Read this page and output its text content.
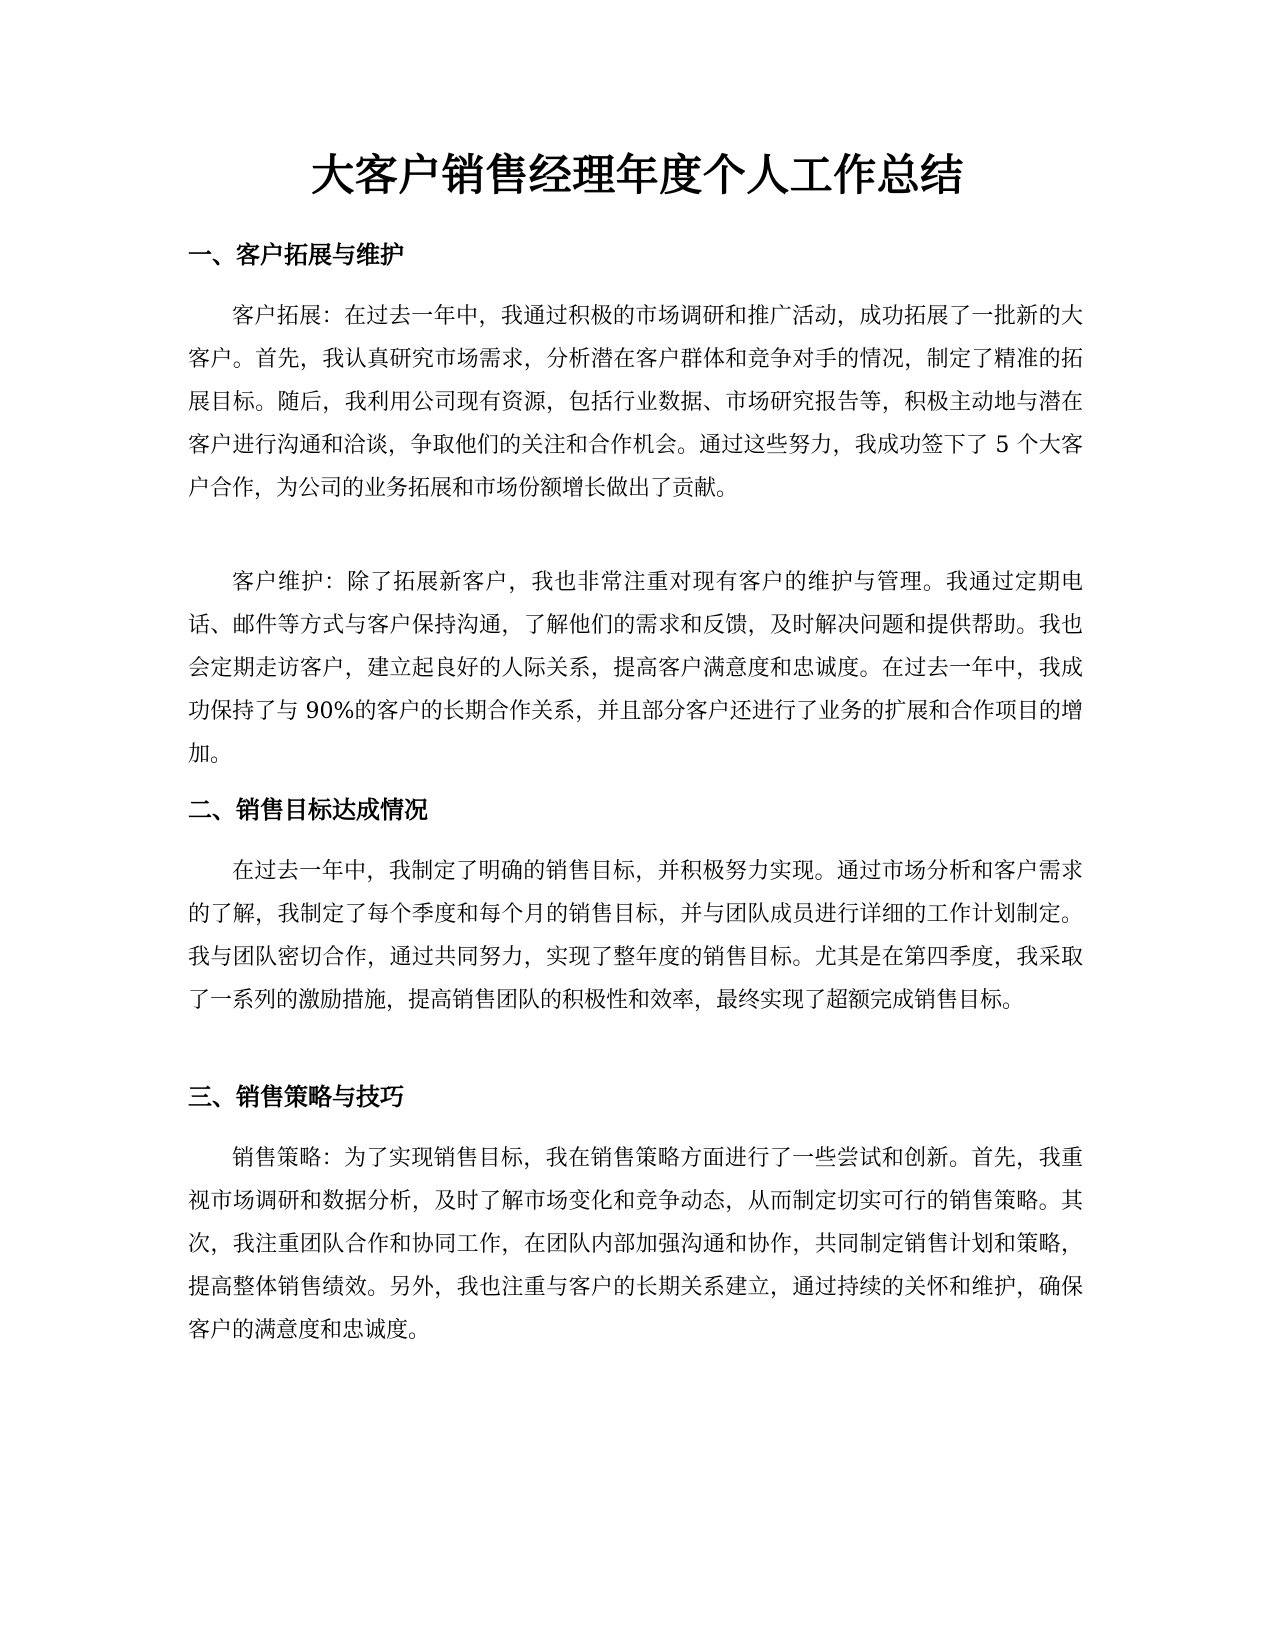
大客户销售经理年度个人工作总结
一、客户拓展与维护

客户拓展：在过去一年中，我通过积极的市场调研和推广活动，成功拓展了一批新的大客户。首先，我认真研究市场需求，分析潜在客户群体和竞争对手的情况，制定了精准的拓展目标。随后，我利用公司现有资源，包括行业数据、市场研究报告等，积极主动地与潜在客户进行沟通和洽谈，争取他们的关注和合作机会。通过这些努力，我成功签下了 5 个大客户合作，为公司的业务拓展和市场份额增长做出了贡献。

客户维护：除了拓展新客户，我也非常注重对现有客户的维护与管理。我通过定期电话、邮件等方式与客户保持沟通，了解他们的需求和反馈，及时解决问题和提供帮助。我也会定期走访客户，建立起良好的人际关系，提高客户满意度和忠诚度。在过去一年中，我成功保持了与 90%的客户的长期合作关系，并且部分客户还进行了业务的扩展和合作项目的增加。

二、销售目标达成情况

在过去一年中，我制定了明确的销售目标，并积极努力实现。通过市场分析和客户需求的了解，我制定了每个季度和每个月的销售目标，并与团队成员进行详细的工作计划制定。我与团队密切合作，通过共同努力，实现了整年度的销售目标。尤其是在第四季度，我采取了一系列的激励措施，提高销售团队的积极性和效率，最终实现了超额完成销售目标。

三、销售策略与技巧

销售策略：为了实现销售目标，我在销售策略方面进行了一些尝试和创新。首先，我重视市场调研和数据分析，及时了解市场变化和竞争动态，从而制定切实可行的销售策略。其次，我注重团队合作和协同工作，在团队内部加强沟通和协作，共同制定销售计划和策略，提高整体销售绩效。另外，我也注重与客户的长期关系建立，通过持续的关怀和维护，确保客户的满意度和忠诚度。
